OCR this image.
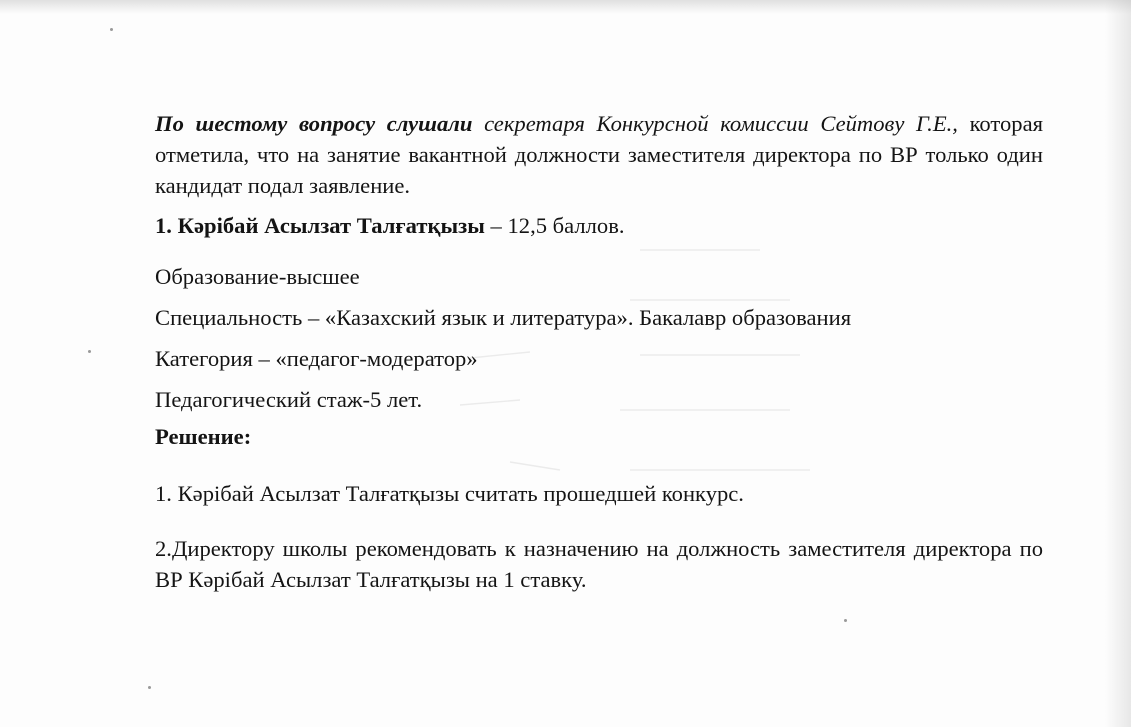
По шестому вопросу слушали секретаря Конкурсной комиссии Сейтову Г.Е., которая отметила, что на занятие вакантной должности заместителя директора по ВР только один кандидат подал заявление.

1. Кәрібай Асылзат Талғатқызы – 12,5 баллов.

Образование-высшее

Специальность – «Казахский язык и литература». Бакалавр образования

Категория – «педагог-модератор»

Педагогический стаж-5 лет.

Решение:

1. Кәрібай Асылзат Талғатқызы считать прошедшей конкурс.

2.Директору школы рекомендовать к назначению на должность заместителя директора по ВР Кәрібай Асылзат Талғатқызы на 1 ставку.
